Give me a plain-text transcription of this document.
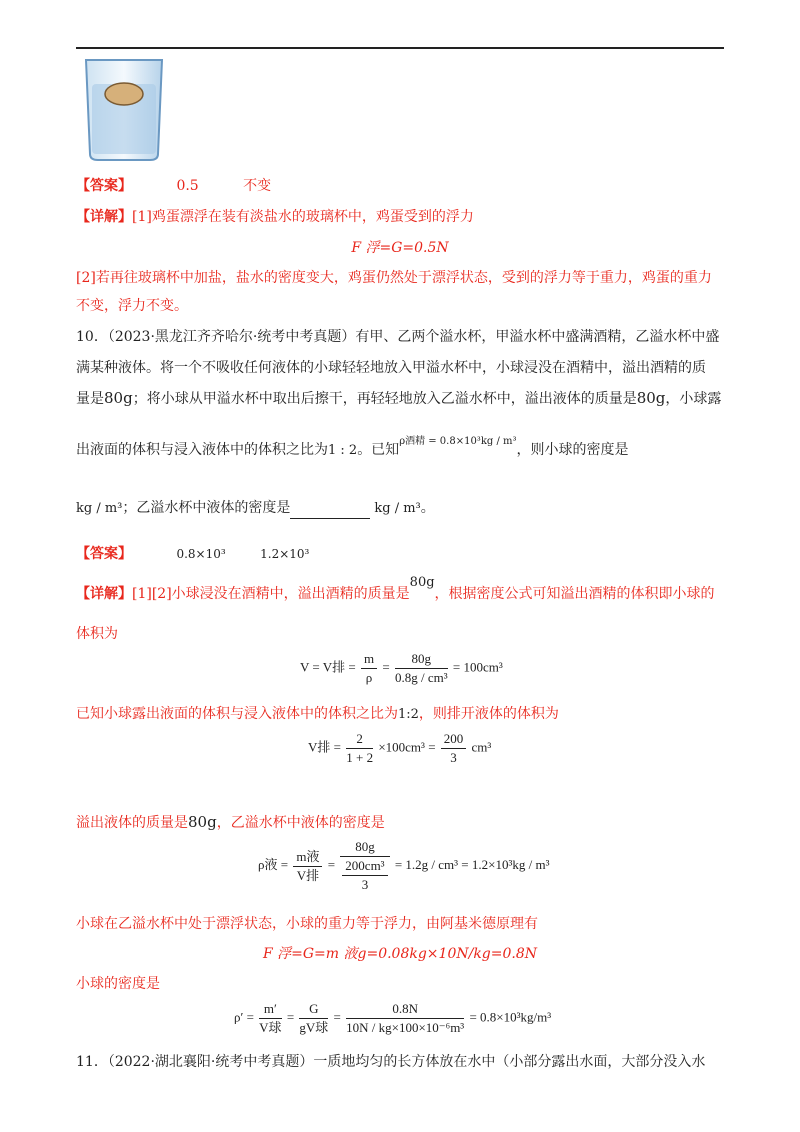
【答案】	0.5	不变
【详解】[1]鸡蛋漂浮在装有淡盐水的玻璃杯中，鸡蛋受到的浮力
F 浮=G=0.5N
[2]若再往玻璃杯中加盐，盐水的密度变大，鸡蛋仍然处于漂浮状态，受到的浮力等于重力，鸡蛋的重力
不变，浮力不变。
10．（2023·黑龙江齐齐哈尔·统考中考真题）有甲、乙两个溢水杯，甲溢水杯中盛满酒精，乙溢水杯中盛
满某种液体。将一个不吸收任何液体的小球轻轻地放入甲溢水杯中，小球浸没在酒精中，溢出酒精的质
量是80g；将小球从甲溢水杯中取出后擦干，再轻轻地放入乙溢水杯中，溢出液体的质量是80g，小球露
出液面的体积与浸入液体中的体积之比为1 : 2。已知$^{\rho 酒精 = 0.8\times 10^3kg / m^3}$，则小球的密度是
kg / m³；乙溢水杯中液体的密度是	kg / m³。
【答案】	0.8×10³	1.2×10³
【详解】[1][2]小球浸没在酒精中，溢出酒精的质量是80g，根据密度公式可知溢出酒精的体积即小球的
体积为
V = V排 = $\frac{m}{\rho} = \frac{80g}{\text{0.8g / cm³}} = 100cm^3$
已知小球露出液面的体积与浸入液体中的体积之比为1:2，则排开液体的体积为
V排 = $\frac{2}{1 + 2} \times 100cm^3 = \frac{200}{3} cm^3$
溢出液体的质量是80g，乙溢水杯中液体的密度是
ρ液 = $\frac{\text{m液}}{\text{V排}} = 80g$
200cm³
3 = 1.2g / cm³ = 1.2×10³kg / m³
小球在乙溢水杯中处于漂浮状态，小球的重力等于浮力，由阿基米德原理有
F 浮=G=m 液g=0.08kg×10N/kg=0.8N
小球的密度是
$\rho' = \frac{m'}{\text{V球}} = \frac{G}{\text{gV球}} = \frac{0.8N}{\text{10N / kg×100×10⁻⁶m³}} = 0.8\times 10^3kg/m^3$
11．（2022·湖北襄阳·统考中考真题）一质地均匀的长方体放在水中（小部分露出水面，大部分没入水
